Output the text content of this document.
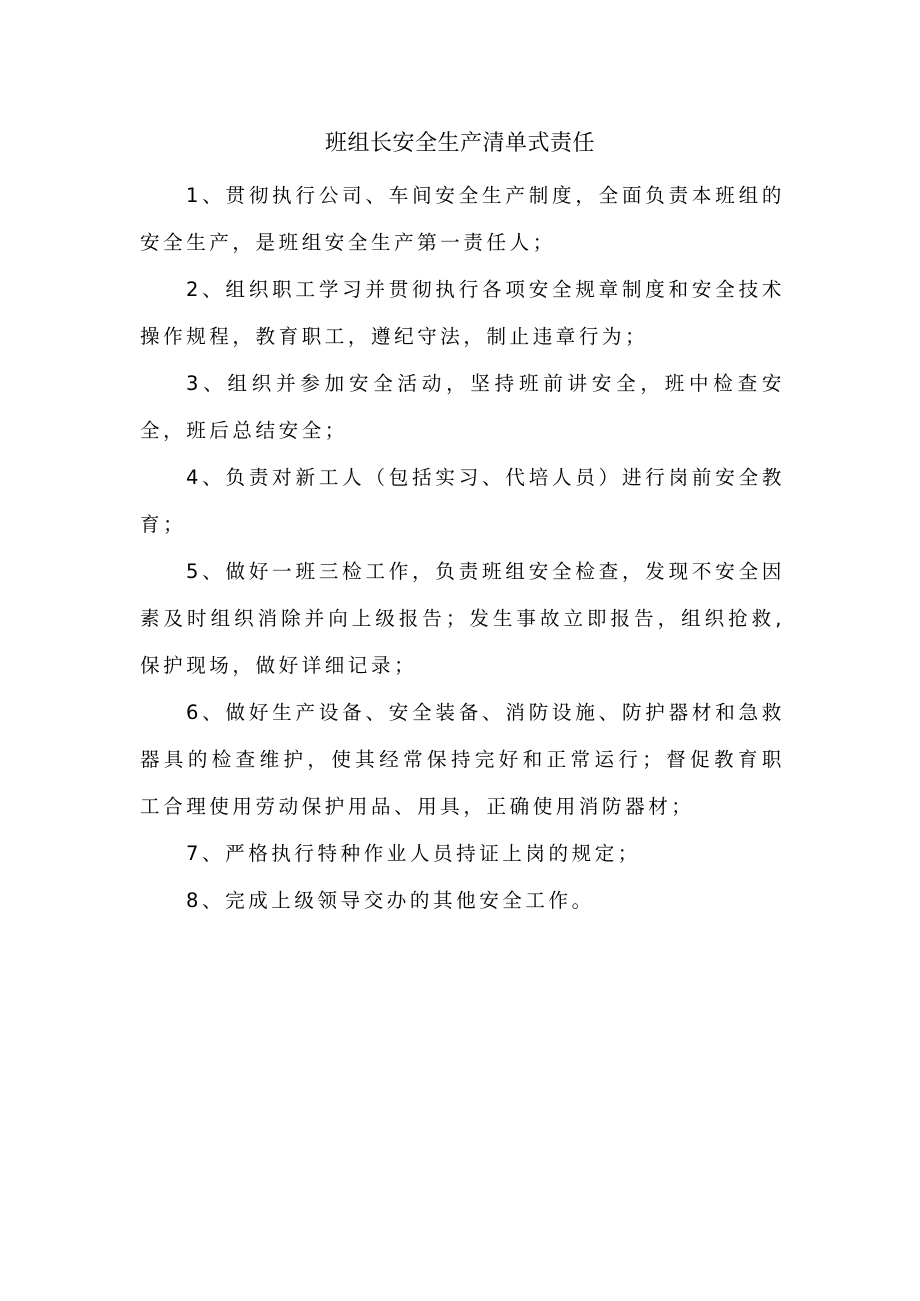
班组长安全生产清单式责任

1、贯彻执行公司、车间安全生产制度，全面负责本班组的安全生产，是班组安全生产第一责任人；

2、组织职工学习并贯彻执行各项安全规章制度和安全技术操作规程，教育职工，遵纪守法，制止违章行为；

3、组织并参加安全活动，坚持班前讲安全，班中检查安全，班后总结安全；

4、负责对新工人（包括实习、代培人员）进行岗前安全教育；

5、做好一班三检工作，负责班组安全检查，发现不安全因素及时组织消除并向上级报告；发生事故立即报告，组织抢救,保护现场，做好详细记录；

6、做好生产设备、安全装备、消防设施、防护器材和急救器具的检查维护，使其经常保持完好和正常运行；督促教育职工合理使用劳动保护用品、用具，正确使用消防器材；

7、严格执行特种作业人员持证上岗的规定；

8、完成上级领导交办的其他安全工作。
